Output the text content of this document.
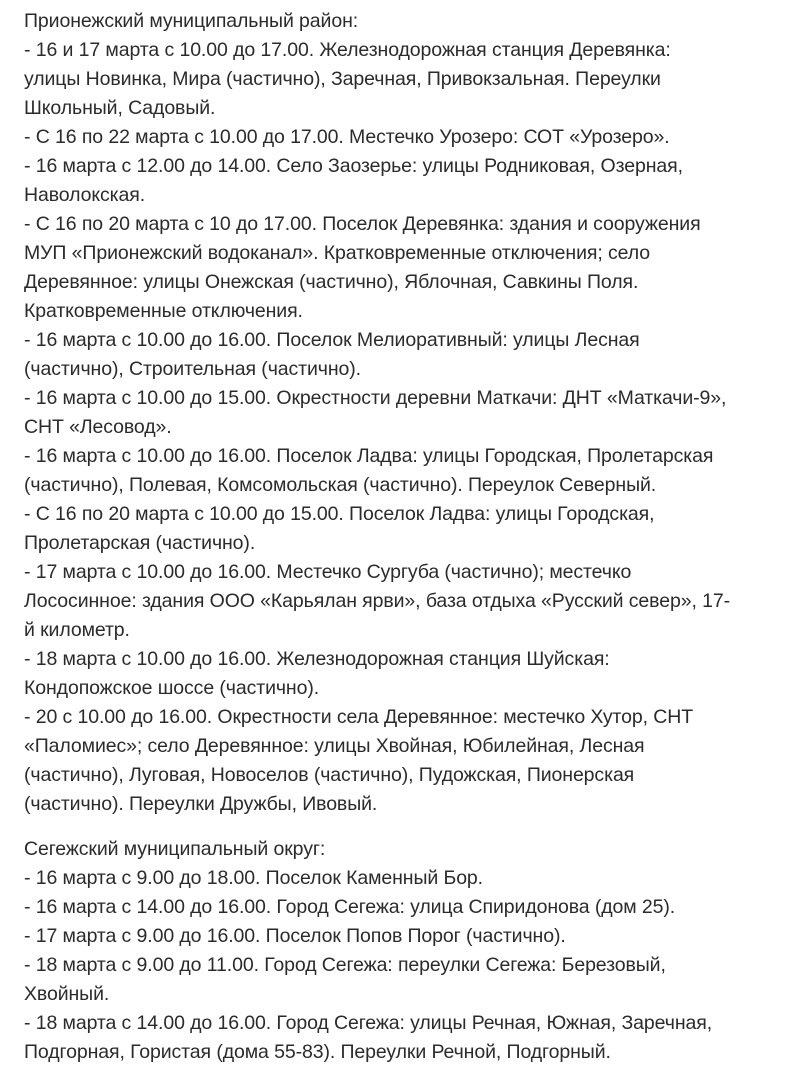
Прионежский муниципальный район:
- 16 и 17 марта с 10.00 до 17.00. Железнодорожная станция Деревянка:
улицы Новинка, Мира (частично), Заречная, Привокзальная. Переулки
Школьный, Садовый.
- С 16 по 22 марта с 10.00 до 17.00. Местечко Урозеро: СОТ «Урозеро».
- 16 марта с 12.00 до 14.00. Село Заозерье: улицы Родниковая, Озерная,
Наволокская.
- С 16 по 20 марта с 10 до 17.00. Поселок Деревянка: здания и сооружения
МУП «Прионежский водоканал». Кратковременные отключения; село
Деревянное: улицы Онежская (частично), Яблочная, Савкины Поля.
Кратковременные отключения.
- 16 марта с 10.00 до 16.00. Поселок Мелиоративный: улицы Лесная
(частично), Строительная (частично).
- 16 марта с 10.00 до 15.00. Окрестности деревни Маткачи: ДНТ «Маткачи-9»,
СНТ «Лесовод».
- 16 марта с 10.00 до 16.00. Поселок Ладва: улицы Городская, Пролетарская
(частично), Полевая, Комсомольская (частично). Переулок Северный.
- С 16 по 20 марта с 10.00 до 15.00. Поселок Ладва: улицы Городская,
Пролетарская (частично).
- 17 марта с 10.00 до 16.00. Местечко Сургуба (частично); местечко
Лососинное: здания ООО «Карьялан ярви», база отдыха «Русский север», 17-
й километр.
- 18 марта с 10.00 до 16.00. Железнодорожная станция Шуйская:
Кондопожское шоссе (частично).
- 20 с 10.00 до 16.00. Окрестности села Деревянное: местечко Хутор, СНТ
«Паломиес»; село Деревянное: улицы Хвойная, Юбилейная, Лесная
(частично), Луговая, Новоселов (частично), Пудожская, Пионерская
(частично). Переулки Дружбы, Ивовый.
Сегежский муниципальный округ:
- 16 марта с 9.00 до 18.00. Поселок Каменный Бор.
- 16 марта с 14.00 до 16.00. Город Сегежа: улица Спиридонова (дом 25).
- 17 марта с 9.00 до 16.00. Поселок Попов Порог (частично).
- 18 марта с 9.00 до 11.00. Город Сегежа: переулки Сегежа: Березовый,
Хвойный.
- 18 марта с 14.00 до 16.00. Город Сегежа: улицы Речная, Южная, Заречная,
Подгорная, Гористая (дома 55-83). Переулки Речной, Подгорный.
